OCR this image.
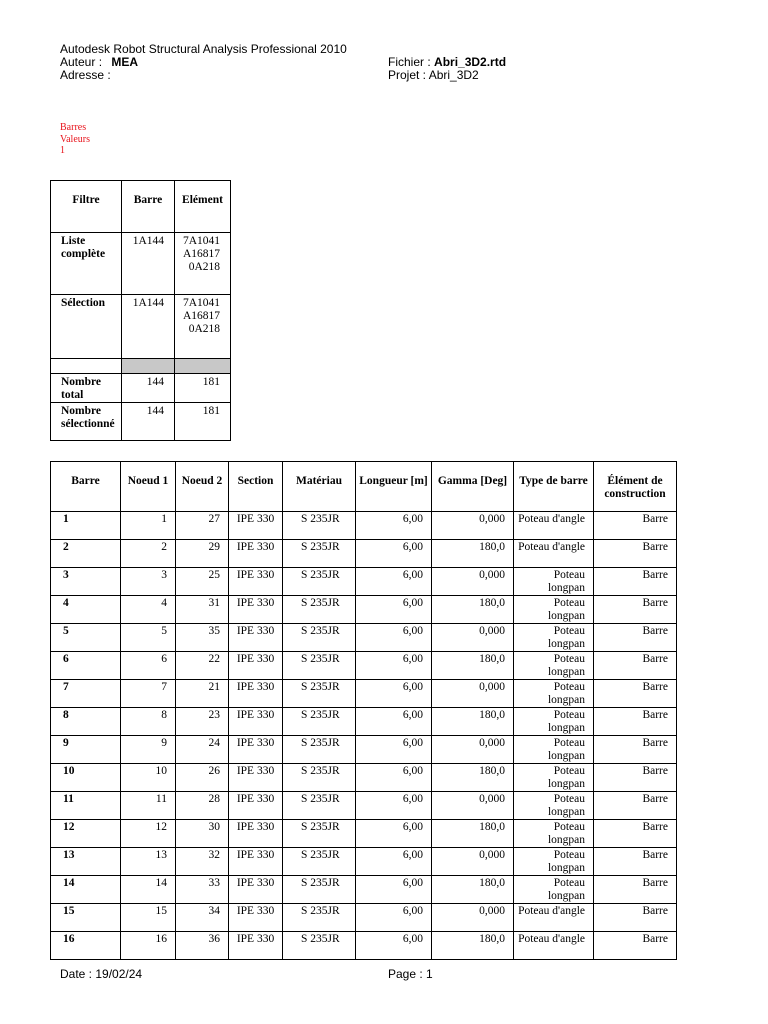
Autodesk Robot Structural Analysis Professional 2010
Auteur : MEA
Adresse :
Fichier : Abri_3D2.rtd
Projet : Abri_3D2
Barres
Valeurs
1
Filtre	Barre	Elément
Liste complète	1A144	7A1041A168170A218
Sélection	1A144	7A1041A168170A218

Nombre total	144	181
Nombre sélectionné	144	181
Barre	Noeud 1	Noeud 2	Section	Matériau	Longueur [m]	Gamma [Deg]	Type de barre	Élément de construction
1	1	27	IPE 330	S 235JR	6,00	0,000	Poteau d'angle	Barre
2	2	29	IPE 330	S 235JR	6,00	180,0	Poteau d'angle	Barre
3	3	25	IPE 330	S 235JR	6,00	0,000	Poteau longpan	Barre
4	4	31	IPE 330	S 235JR	6,00	180,0	Poteau longpan	Barre
5	5	35	IPE 330	S 235JR	6,00	0,000	Poteau longpan	Barre
6	6	22	IPE 330	S 235JR	6,00	180,0	Poteau longpan	Barre
7	7	21	IPE 330	S 235JR	6,00	0,000	Poteau longpan	Barre
8	8	23	IPE 330	S 235JR	6,00	180,0	Poteau longpan	Barre
9	9	24	IPE 330	S 235JR	6,00	0,000	Poteau longpan	Barre
10	10	26	IPE 330	S 235JR	6,00	180,0	Poteau longpan	Barre
11	11	28	IPE 330	S 235JR	6,00	0,000	Poteau longpan	Barre
12	12	30	IPE 330	S 235JR	6,00	180,0	Poteau longpan	Barre
13	13	32	IPE 330	S 235JR	6,00	0,000	Poteau longpan	Barre
14	14	33	IPE 330	S 235JR	6,00	180,0	Poteau longpan	Barre
15	15	34	IPE 330	S 235JR	6,00	0,000	Poteau d'angle	Barre
16	16	36	IPE 330	S 235JR	6,00	180,0	Poteau d'angle	Barre
Date : 19/02/24	Page : 1
